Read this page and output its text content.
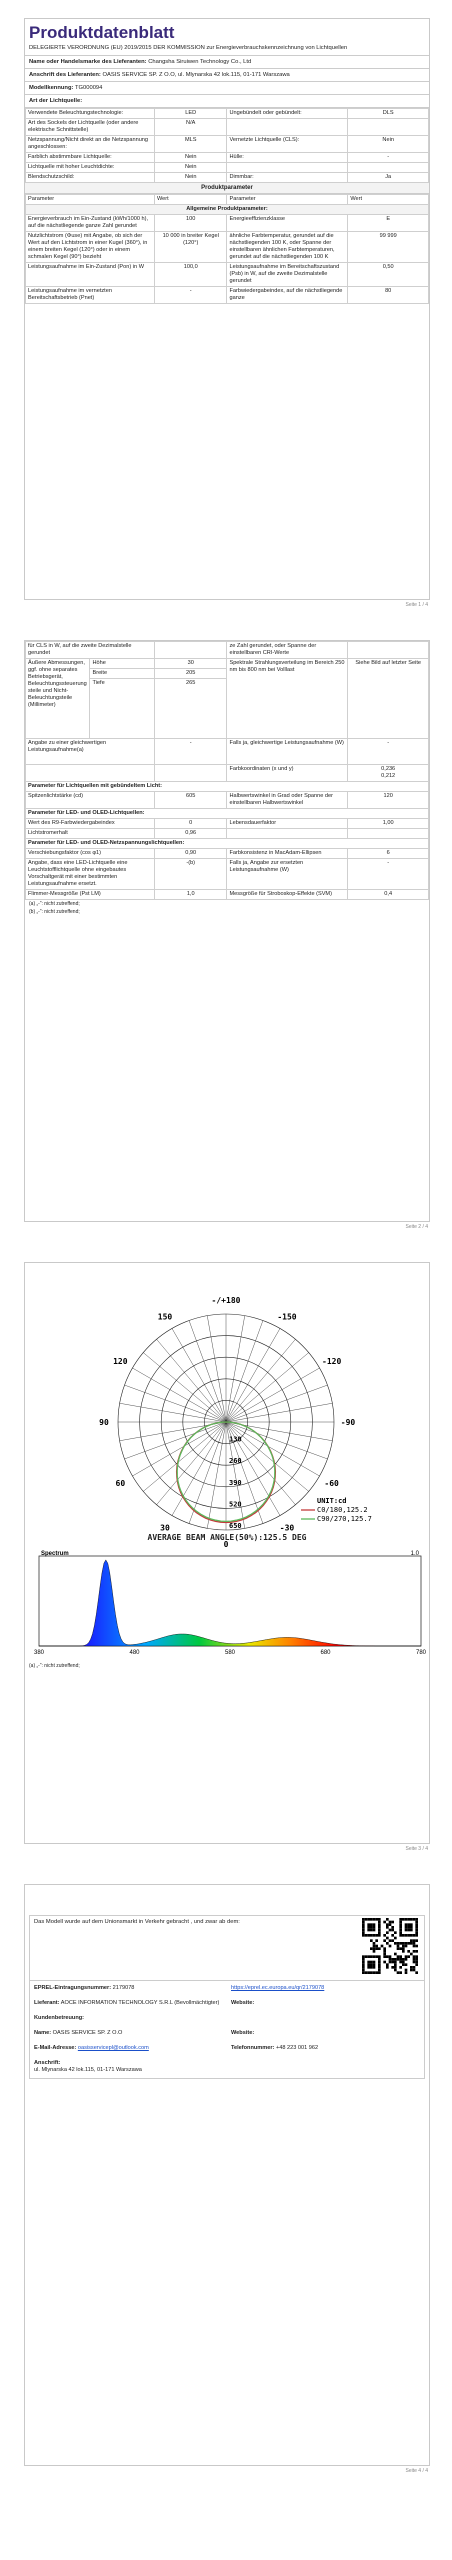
Produktdatenblatt
DELEGIERTE VERORDNUNG (EU) 2019/2015 DER KOMMISSION zur Energieverbrauchskennzeichnung von Lichtquellen
Name oder Handelsmarke des Lieferanten: Changsha Siruiwen Technology Co., Ltd
Anschrift des Lieferanten: OASIS SERVICE SP. Z O.O, ul. Mlynarska 42 lok.115, 01-171 Warszawa
Modellkennung: TG000094
Art der Lichtquelle:
Verwendete Beleuchtungstechnologie:	LED	Ungebündelt oder gebündelt:	DLS
Art des Sockels der Lichtquelle (oder andere elektrische Schnittstelle)	N/A		
Netzspannung/Nicht direkt an die Netzspannung angeschlossen:	MLS	Vernetzte Lichtquelle (CLS):	Nein
Farblich abstimmbare Lichtquelle:	Nein	Hülle:	-
Lichtquelle mit hoher Leuchtdichte:	Nein		
Blendschutzschild:	Nein	Dimmbar:	Ja
Produktparameter
Parameter	Wert	Parameter	Wert
Allgemeine Produktparameter:			
Energieverbrauch im Ein-Zustand (kWh/1000 h), auf die nächstliegende ganze Zahl gerundet	100	Energieeffizienzklasse	E
Nutzlichtstrom (Φuse) mit Angabe, ob sich der Wert auf den Lichtstrom in einer Kugel (360°), in einem breiten Kegel (120°) oder in einem schmalen Kegel (90°) bezieht	10 000 in breiter Kegel (120°)	ähnliche Farbtemperatur, gerundet auf die nächstliegenden 100 K, oder Spanne der einstellbaren ähnlichen Farbtemperaturen, gerundet auf die nächstliegenden 100 K	99 999
Leistungsaufnahme im Ein-Zustand (Pon) in W	100,0	Leistungsaufnahme im Bereitschaftszustand (Psb) in W, auf die zweite Dezimalstelle gerundet	0,50
Leistungsaufnahme im vernetzten Bereitschaftsbetrieb (Pnet)	-	Farbwiedergabeindex, auf die nächstliegende ganze	80
Seite 1 / 4
für CLS in W, auf die zweite Dezimalstelle gerundet			ze Zahl gerundet, oder Spanne der einstellbaren CRI-Werte	
Äußere Abmessungen, ggf. ohne separates Betriebsgerät, Beleuchtungssteuerungsteile und Nicht-Beleuchtungsteile (Millimeter)	Höhe	30	Spektrale Strahlungsverteilung im Bereich 250 nm bis 800 nm bei Volllast	Siehe Bild auf letzter Seite
	Breite	205		
	Tiefe	265		
Angabe zu einer gleichwertigen Leistungsaufnahme(a)		-	Falls ja, gleichwertige Leistungsaufnahme (W)	-
			Farbkoordinaten (x und y)	0,236
0,212

Parameter für Lichtquellen mit gebündeltem Licht:				
Spitzenlichtstärke (cd)		605	Halbwertswinkel in Grad oder Spanne der einstellbaren Halbwertswinkel	120
Parameter für LED- und OLED-Lichtquellen:				
Wert des R9-Farbwiedergabeindex		0	Lebensdauerfaktor	1,00
Lichtstromerhalt		0,96		
Parameter für LED- und OLED-Netzspannungslichtquellen:				
Verschiebungsfaktor (cos φ1)		0,90	Farbkonsistenz in MacAdam-Ellipsen	6
Angabe, dass eine LED-Lichtquelle eine Leuchtstofflichtquelle ohne eingebautes Vorschaltgerät mit einer bestimmten Leistungsaufnahme ersetzt.		-(b)	Falls ja, Angabe zur ersetzten Leistungsaufnahme (W)	-
Flimmer-Messgröße (Pst LM)		1,0	Messgröße für Stroboskop-Effekte (SVM)	0,4
(a) „-“: nicht zutreffend;
(b) „-“: nicht zutreffend;
Seite 2 / 4
-/+180
-150
150
-120
120
-90
90
-60
60
-30
30
0
130
260
390
520
650
UNIT:cd
C0/180,125.2
C90/270,125.7
AVERAGE BEAM ANGLE(50%):125.5 DEG
Spectrum	1.0
380	480	580	680	780
(a) „-“: nicht zutreffend;
Seite 3 / 4
Das Modell wurde auf dem Unionsmarkt in Verkehr gebracht , und zwar ab dem:
EPREL-Eintragungsnummer: 2179078	https://eprel.ec.europa.eu/qr/2179078
Lieferant: AOCE INFORMATION TECHNOLOGY S.R.L (Bevollmächtigter)	Website:
Kundenbetreuung:	
Name: OASIS SERVICE SP. Z O.O	Website:
E-Mail-Adresse: oasisservicepl@outlook.com	Telefonnummer: +48 223 001 962

Anschrift:
ul. Mlynarska 42 lok.115, 01-171 Warszawa	
Seite 4 / 4
